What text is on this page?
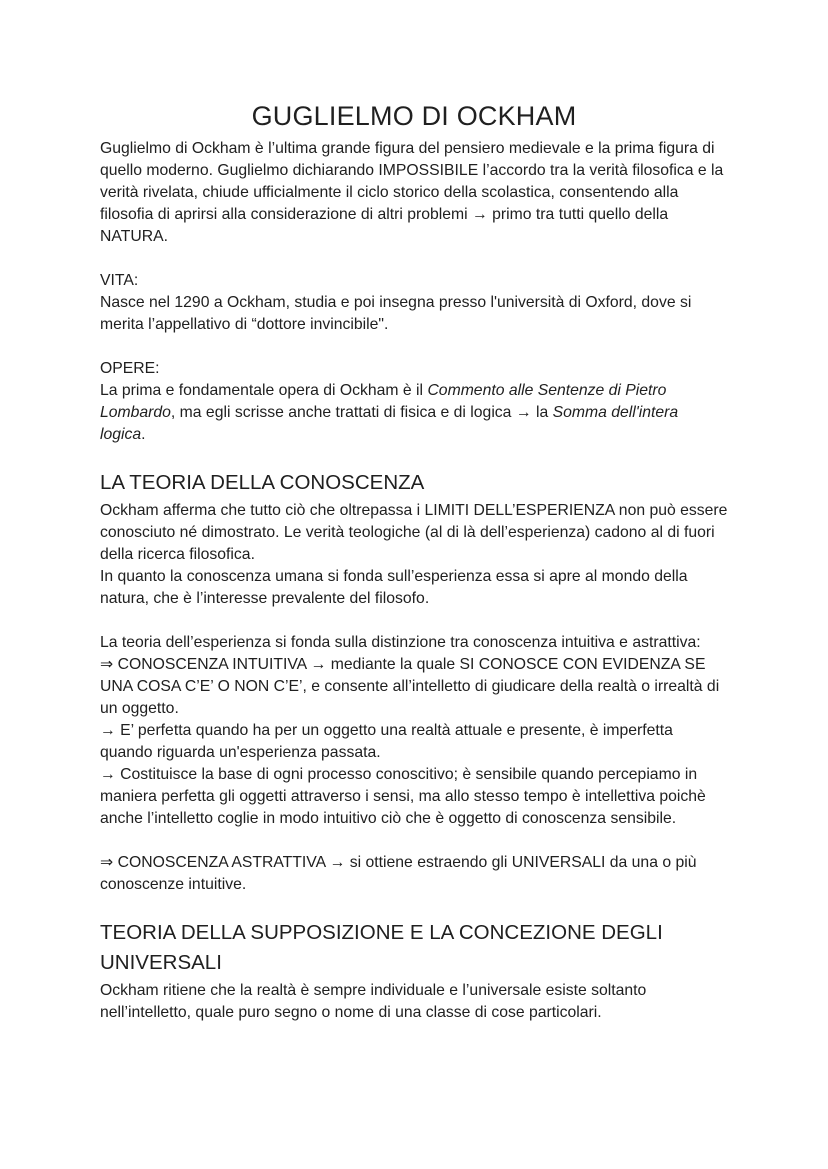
GUGLIELMO DI OCKHAM

Guglielmo di Ockham è l’ultima grande figura del pensiero medievale e la prima figura di quello moderno. Guglielmo dichiarando IMPOSSIBILE l’accordo tra la verità filosofica e la verità rivelata, chiude ufficialmente il ciclo storico della scolastica, consentendo alla filosofia di aprirsi alla considerazione di altri problemi → primo tra tutti quello della NATURA.

VITA:

Nasce nel 1290 a Ockham, studia e poi insegna presso l'università di Oxford, dove si merita l’appellativo di “dottore invincibile".

OPERE:

La prima e fondamentale opera di Ockham è il Commento alle Sentenze di Pietro Lombardo, ma egli scrisse anche trattati di fisica e di logica → la Somma dell'intera logica.

LA TEORIA DELLA CONOSCENZA

Ockham afferma che tutto ciò che oltrepassa i LIMITI DELL’ESPERIENZA non può essere conosciuto né dimostrato. Le verità teologiche (al di là dell’esperienza) cadono al di fuori della ricerca filosofica.

In quanto la conoscenza umana si fonda sull’esperienza essa si apre al mondo della natura, che è l’interesse prevalente del filosofo.

La teoria dell’esperienza si fonda sulla distinzione tra conoscenza intuitiva e astrattiva:

⇒ CONOSCENZA INTUITIVA → mediante la quale SI CONOSCE CON EVIDENZA SE UNA COSA C’E’ O NON C’E’, e consente all’intelletto di giudicare della realtà o irrealtà di un oggetto.

→ E’ perfetta quando ha per un oggetto una realtà attuale e presente, è imperfetta quando riguarda un'esperienza passata.

→ Costituisce la base di ogni processo conoscitivo; è sensibile quando percepiamo in maniera perfetta gli oggetti attraverso i sensi, ma allo stesso tempo è intellettiva poichè anche l’intelletto coglie in modo intuitivo ciò che è oggetto di conoscenza sensibile.

⇒ CONOSCENZA ASTRATTIVA → si ottiene estraendo gli UNIVERSALI da una o più conoscenze intuitive.

TEORIA DELLA SUPPOSIZIONE E LA CONCEZIONE DEGLI UNIVERSALI

Ockham ritiene che la realtà è sempre individuale e l’universale esiste soltanto nell’intelletto, quale puro segno o nome di una classe di cose particolari.
